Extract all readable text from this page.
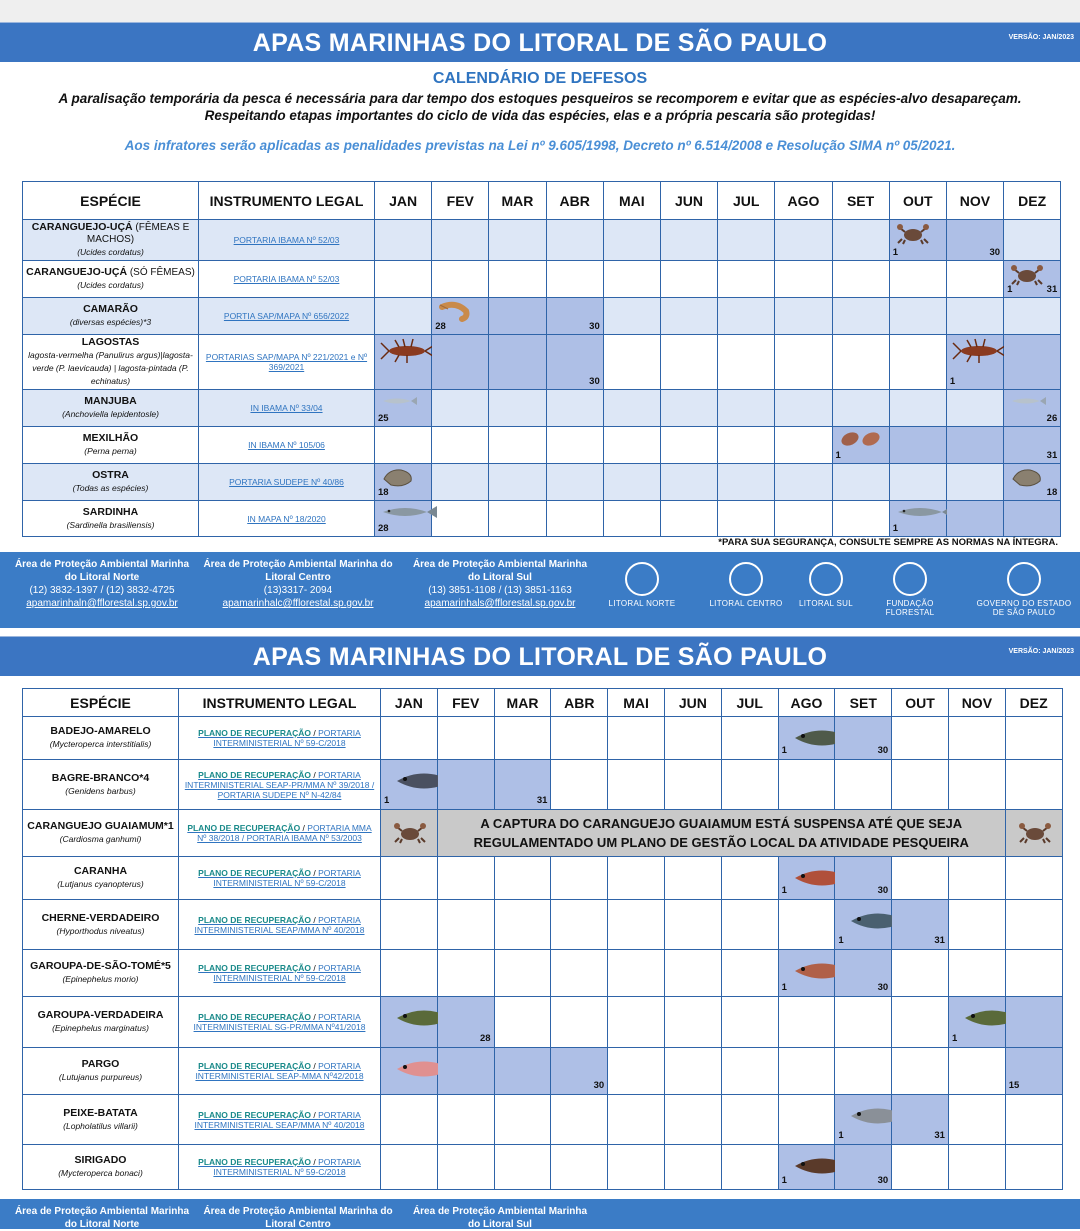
APAS MARINHAS DO LITORAL DE SÃO PAULO	VERSÃO: JAN/2023
CALENDÁRIO DE DEFESOS
A paralisação temporária da pesca é necessária para dar tempo dos estoques pesqueiros se recomporem e evitar que as espécies-alvo desapareçam. Respeitando etapas importantes do ciclo de vida das espécies, elas e a própria pescaria são protegidas!
Aos infratores serão aplicadas as penalidades previstas na Lei nº 9.605/1998, Decreto nº 6.514/2008 e Resolução SIMA nº 05/2021.
ESPÉCIE	INSTRUMENTO LEGAL	JAN	FEV	MAR	ABR	MAI	JUN	JUL	AGO	SET	OUT	NOV	DEZ
CARANGUEJO-UÇÁ (FÊMEAS E MACHOS)
(Ucides cordatus)	PORTARIA IBAMA Nº 52/03										1	30	

CARANGUEJO-UÇÁ (SÓ FÊMEAS)
(Ucides cordatus)	PORTARIA IBAMA Nº 52/03												1 31

CAMARÃO
(diversas espécies)*3	PORTIA SAP/MAPA Nº 656/2022		28		30								

LAGOSTAS
lagosta-vermelha (Panulirus argus)|lagosta-verde (P. laevicauda) | lagosta-pintada (P. echinatus)	PORTARIAS SAP/MAPA Nº 221/2021 e Nº 369/2021				30							1	

MANJUBA
(Anchoviella lepidentosle)	IN IBAMA Nº 33/04	25											26

MEXILHÃO
(Perna perna)	IN IBAMA Nº 105/06									1			31

OSTRA
(Todas as espécies)	PORTARIA SUDEPE Nº 40/86	18											18

SARDINHA
(Sardinella brasiliensis)	IN MAPA Nº 18/2020	28									1		

*PARA SUA SEGURANÇA, CONSULTE SEMPRE AS NORMAS NA ÍNTEGRA.
Área de Proteção Ambiental Marinha do Litoral Norte
(12) 3832-1397 / (12) 3832-4725
apamarinhaln@fflorestal.sp.gov.br
Área de Proteção Ambiental Marinha do Litoral Centro
(13)3317- 2094
apamarinhalc@fflorestal.sp.gov.br
Área de Proteção Ambiental Marinha do Litoral Sul
(13) 3851-1108 / (13) 3851-1163
apamarinhals@fflorestal.sp.gov.br	LITORAL NORTE	LITORAL CENTRO	LITORAL SUL	FUNDAÇÃO FLORESTAL
GOVERNO DO ESTADO DE SÃO PAULO
APAS MARINHAS DO LITORAL DE SÃO PAULO	VERSÃO: JAN/2023
ESPÉCIE	INSTRUMENTO LEGAL	JAN	FEV	MAR	ABR	MAI	JUN	JUL	AGO	SET	OUT	NOV	DEZ
BADEJO-AMARELO
(Mycteroperca interstitialis)	PLANO DE RECUPERAÇÃO / PORTARIA INTERMINISTERIAL Nº 59-C/2018								1	30			

BAGRE-BRANCO*4
(Genidens barbus)	PLANO DE RECUPERAÇÃO / PORTARIA INTERMINISTERIAL SEAP-PR/MMA Nº 39/2018 / PORTARIA SUDEPE Nº N-42/84	1		31									

CARANGUEJO GUAIAMUM*1
(Cardiosma ganhumi)	PLANO DE RECUPERAÇÃO / PORTARIA MMA Nº 38/2018 / PORTARIA IBAMA Nº 53/2003		A CAPTURA DO CARANGUEJO GUAIAMUM ESTÁ SUSPENSA ATÉ QUE SEJA REGULAMENTADO UM PLANO DE GESTÃO LOCAL DA ATIVIDADE PESQUEIRA	

CARANHA
(Lutjanus cyanopterus)	PLANO DE RECUPERAÇÃO / PORTARIA INTERMINISTERIAL Nº 59-C/2018								1	30			

CHERNE-VERDADEIRO
(Hyporthodus niveatus)	PLANO DE RECUPERAÇÃO / PORTARIA INTERMINISTERIAL SEAP/MMA Nº 40/2018									1	31		

GAROUPA-DE-SÃO-TOMÉ*5
(Epinephelus morio)	PLANO DE RECUPERAÇÃO / PORTARIA INTERMINISTERIAL Nº 59-C/2018								1	30			

GAROUPA-VERDADEIRA
(Epinephelus marginatus)	PLANO DE RECUPERAÇÃO / PORTARIA INTERMINISTERIAL SG-PR/MMA Nº41/2018		28									1	

PARGO
(Lutujanus purpureus)	PLANO DE RECUPERAÇÃO / PORTARIA INTERMINISTERIAL SEAP-MMA Nº42/2018				30								15

PEIXE-BATATA
(Lopholatilus villarii)	PLANO DE RECUPERAÇÃO / PORTARIA INTERMINISTERIAL SEAP/MMA Nº 40/2018									1	31		

SIRIGADO
(Mycteroperca bonaci)	PLANO DE RECUPERAÇÃO / PORTARIA INTERMINISTERIAL Nº 59-C/2018								1	30			

Área de Proteção Ambiental Marinha do Litoral Norte
Área de Proteção Ambiental Marinha do Litoral Centro
Área de Proteção Ambiental Marinha do Litoral Sul
